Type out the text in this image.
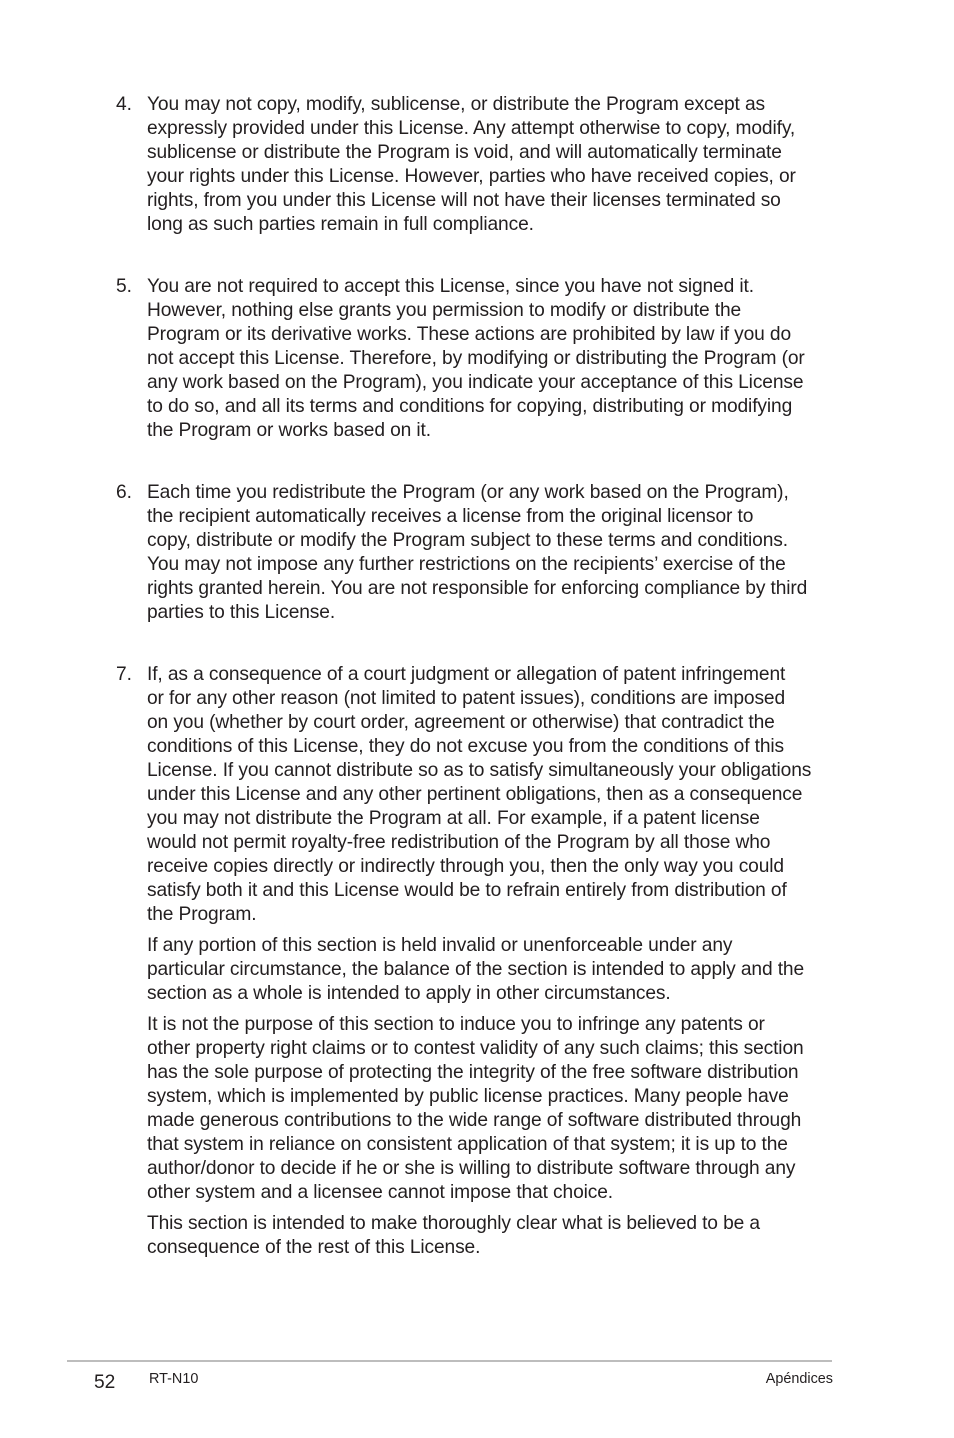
4. You may not copy, modify, sublicense, or distribute the Program except as
expressly provided under this License. Any attempt otherwise to copy, modify,
sublicense or distribute the Program is void, and will automatically terminate
your rights under this License. However, parties who have received copies, or
rights, from you under this License will not have their licenses terminated so
long as such parties remain in full compliance.

5. You are not required to accept this License, since you have not signed it.
However, nothing else grants you permission to modify or distribute the
Program or its derivative works. These actions are prohibited by law if you do
not accept this License. Therefore, by modifying or distributing the Program (or
any work based on the Program), you indicate your acceptance of this License
to do so, and all its terms and conditions for copying, distributing or modifying
the Program or works based on it.

6. Each time you redistribute the Program (or any work based on the Program),
the recipient automatically receives a license from the original licensor to
copy, distribute or modify the Program subject to these terms and conditions.
You may not impose any further restrictions on the recipients’ exercise of the
rights granted herein. You are not responsible for enforcing compliance by third
parties to this License.

7. If, as a consequence of a court judgment or allegation of patent infringement
or for any other reason (not limited to patent issues), conditions are imposed
on you (whether by court order, agreement or otherwise) that contradict the
conditions of this License, they do not excuse you from the conditions of this
License. If you cannot distribute so as to satisfy simultaneously your obligations
under this License and any other pertinent obligations, then as a consequence
you may not distribute the Program at all. For example, if a patent license
would not permit royalty-free redistribution of the Program by all those who
receive copies directly or indirectly through you, then the only way you could
satisfy both it and this License would be to refrain entirely from distribution of
the Program.

If any portion of this section is held invalid or unenforceable under any
particular circumstance, the balance of the section is intended to apply and the
section as a whole is intended to apply in other circumstances.

It is not the purpose of this section to induce you to infringe any patents or
other property right claims or to contest validity of any such claims; this section
has the sole purpose of protecting the integrity of the free software distribution
system, which is implemented by public license practices. Many people have
made generous contributions to the wide range of software distributed through
that system in reliance on consistent application of that system; it is up to the
author/donor to decide if he or she is willing to distribute software through any
other system and a licensee cannot impose that choice.

This section is intended to make thoroughly clear what is believed to be a
consequence of the rest of this License.

52 RT-N10	Apéndices
